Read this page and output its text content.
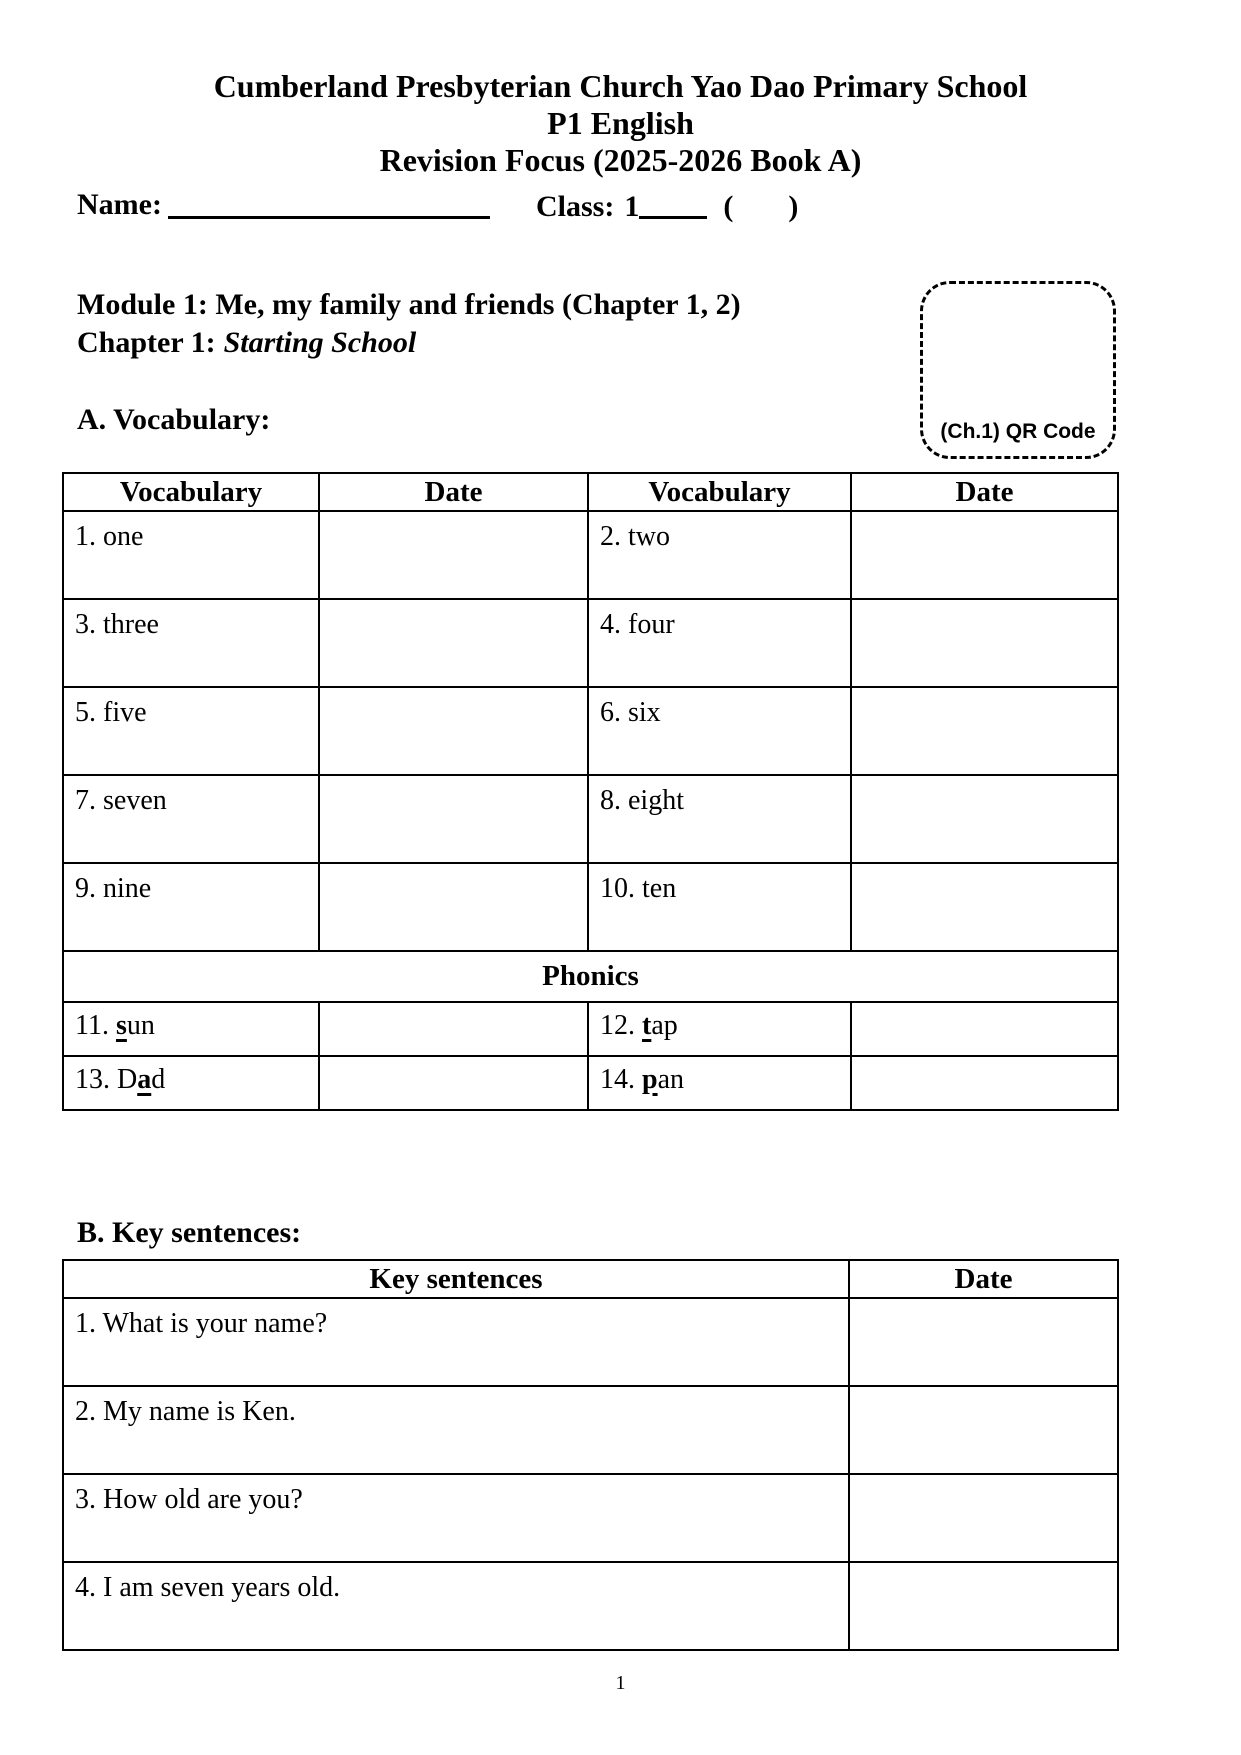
Cumberland Presbyterian Church Yao Dao Primary School
P1 English
Revision Focus (2025-2026 Book A)
Name:	Class: 1	( )
Module 1: Me, my family and friends (Chapter 1, 2)
Chapter 1: Starting School
(Ch.1) QR Code
A. Vocabulary:
Vocabulary	Date	Vocabulary	Date
1. one		2. two	
3. three		4. four	
5. five		6. six	
7. seven		8. eight	
9. nine		10. ten	
Phonics			
11. sun		12. tap	
13. Dad		14. pan	
B. Key sentences:
Key sentences	Date
1. What is your name?	
2. My name is Ken.	
3. How old are you?	
4. I am seven years old.	
1
